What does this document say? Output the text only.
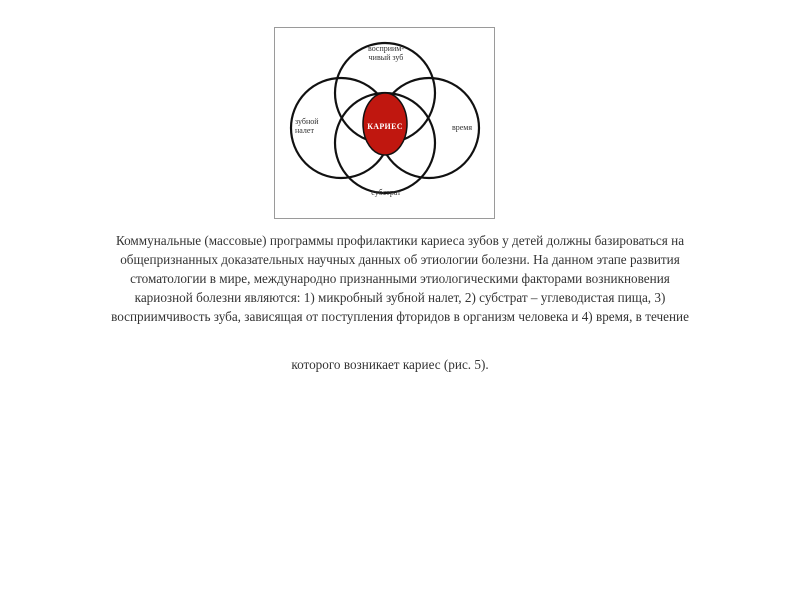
восприим-
чивый зуб
зубной
налет	время
субстрат
КАРИЕС
Коммунальные (массовые) программы профилактики кариеса зубов у детей должны базироваться на
общепризнанных доказательных научных данных об этиологии болезни. На данном этапе развития
стоматологии в мире, международно признанными этиологическими факторами возникновения
кариозной болезни являются: 1) микробный зубной налет, 2) субстрат – углеводистая пища, 3)
восприимчивость зуба, зависящая от поступления фторидов в организм человека и 4) время, в течение
которого возникает кариес (рис. 5).
